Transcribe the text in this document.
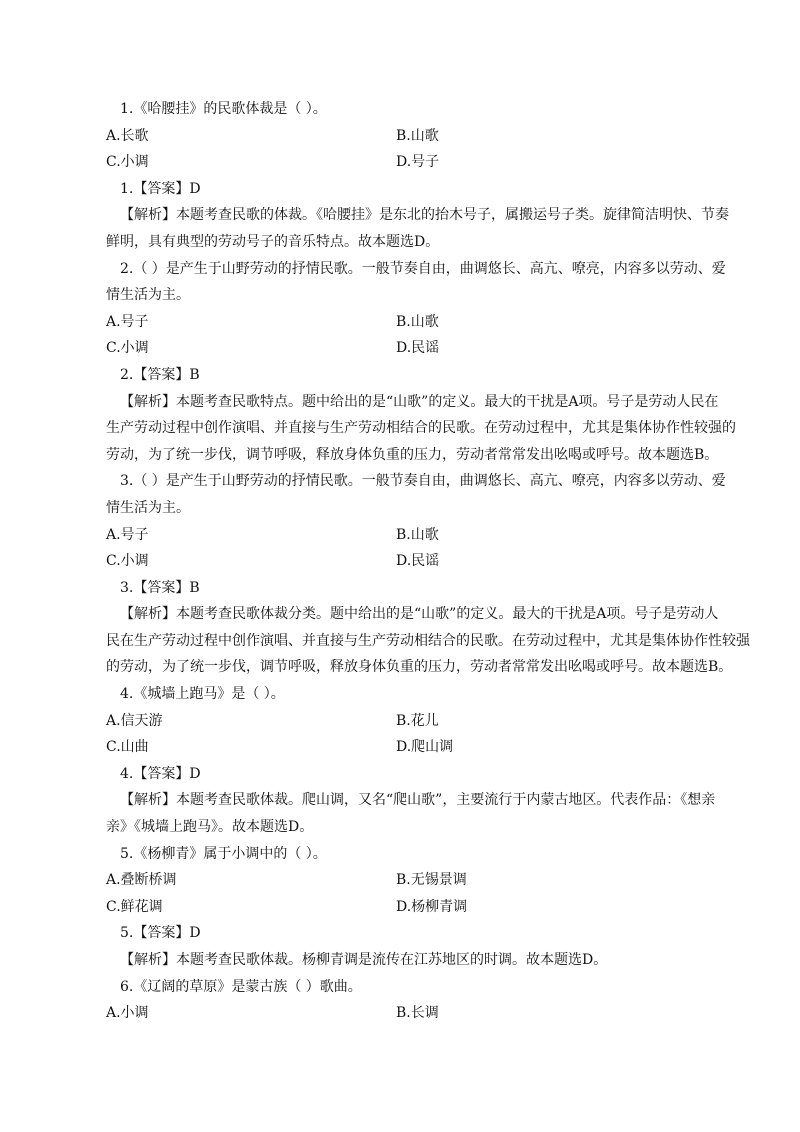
1.《哈腰挂》的民歌体裁是（ ）。

A.长歌	B.山歌
C.小调	D.号子

1.【答案】D

【解析】本题考查民歌的体裁。《哈腰挂》是东北的抬木号子，属搬运号子类。旋律简洁明快、节奏

鲜明，具有典型的劳动号子的音乐特点。故本题选D。

2.（ ）是产生于山野劳动的抒情民歌。一般节奏自由，曲调悠长、高亢、嘹亮，内容多以劳动、爱

情生活为主。

A.号子	B.山歌
C.小调	D.民谣

2.【答案】B

【解析】本题考查民歌特点。题中给出的是“山歌”的定义。最大的干扰是A项。号子是劳动人民在

生产劳动过程中创作演唱、并直接与生产劳动相结合的民歌。在劳动过程中，尤其是集体协作性较强的

劳动，为了统一步伐，调节呼吸，释放身体负重的压力，劳动者常常发出吆喝或呼号。故本题选B。

3.（ ）是产生于山野劳动的抒情民歌。一般节奏自由，曲调悠长、高亢、嘹亮，内容多以劳动、爱

情生活为主。

A.号子	B.山歌
C.小调	D.民谣

3.【答案】B

【解析】本题考查民歌体裁分类。题中给出的是“山歌”的定义。最大的干扰是A项。号子是劳动人

民在生产劳动过程中创作演唱、并直接与生产劳动相结合的民歌。在劳动过程中，尤其是集体协作性较强

的劳动，为了统一步伐，调节呼吸，释放身体负重的压力，劳动者常常发出吆喝或呼号。故本题选B。

4.《城墙上跑马》是（ ）。

A.信天游	B.花儿
C.山曲	D.爬山调

4.【答案】D

【解析】本题考查民歌体裁。爬山调，又名“爬山歌”，主要流行于内蒙古地区。代表作品：《想亲

亲》《城墙上跑马》。故本题选D。

5.《杨柳青》属于小调中的（ ）。

A.叠断桥调	B.无锡景调
C.鲜花调	D.杨柳青调

5.【答案】D

【解析】本题考查民歌体裁。杨柳青调是流传在江苏地区的时调。故本题选D。

6.《辽阔的草原》是蒙古族（ ）歌曲。

A.小调	B.长调
